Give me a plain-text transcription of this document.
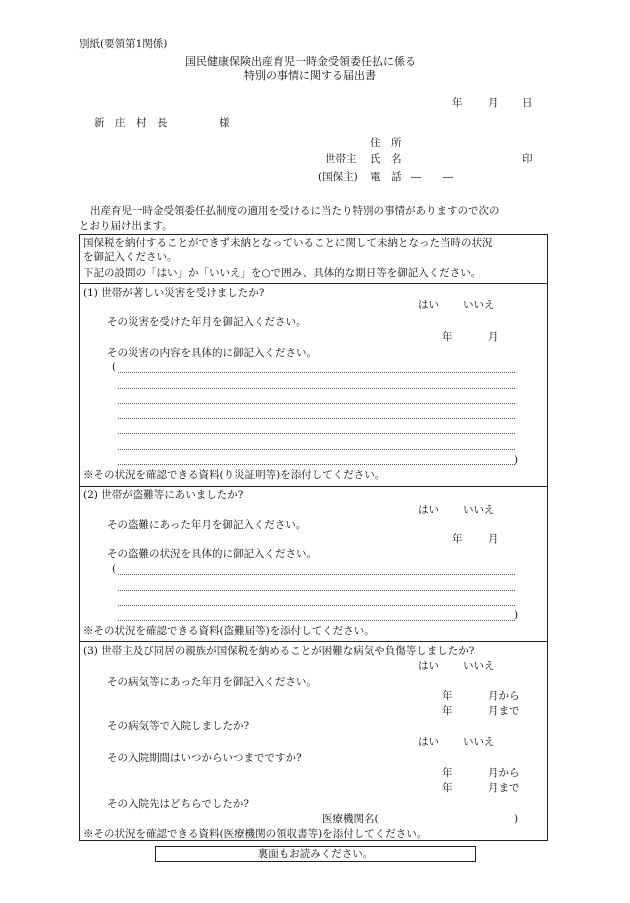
別紙(要領第1関係)
国民健康保険出産育児一時金受領委任払に係る
特別の事情に関する届出書
年 月 日
新　庄　村　長	様
住　所
世帯主 氏　名	印
(国保主) 電　話 ―　　―
出産育児一時金受領委任払制度の適用を受けるに当たり特別の事情がありますので次の
とおり届け出ます。
国保税を納付することができず未納となっていることに関して未納となった当時の状況
を御記入ください。
下記の設問の「はい」か「いいえ」を○で囲み、具体的な期日等を御記入ください。
(1) 世帯が著しい災害を受けましたか?
はい いいえ
その災害を受けた年月を御記入ください。
年	月
その災害の内容を具体的に御記入ください。
(
)
※その状況を確認できる資料(り災証明等)を添付してください。
(2) 世帯が盗難等にあいましたか?
はい いいえ
その盗難にあった年月を御記入ください。
年 月
その盗難の状況を具体的に御記入ください。
(
)
※その状況を確認できる資料(盗難届等)を添付してください。
(3) 世帯主及び同居の親族が国保税を納めることが困難な病気や負傷等しましたか?
はい いいえ
その病気等にあった年月を御記入ください。
年	月から
年	月まで
その病気等で入院しましたか?
はい いいえ
その入院期間はいつからいつまでですか?
年	月から
年	月まで
その入院先はどちらでしたか?
医療機関名(	)
※その状況を確認できる資料(医療機関の領収書等)を添付してください。
裏面もお読みください。
